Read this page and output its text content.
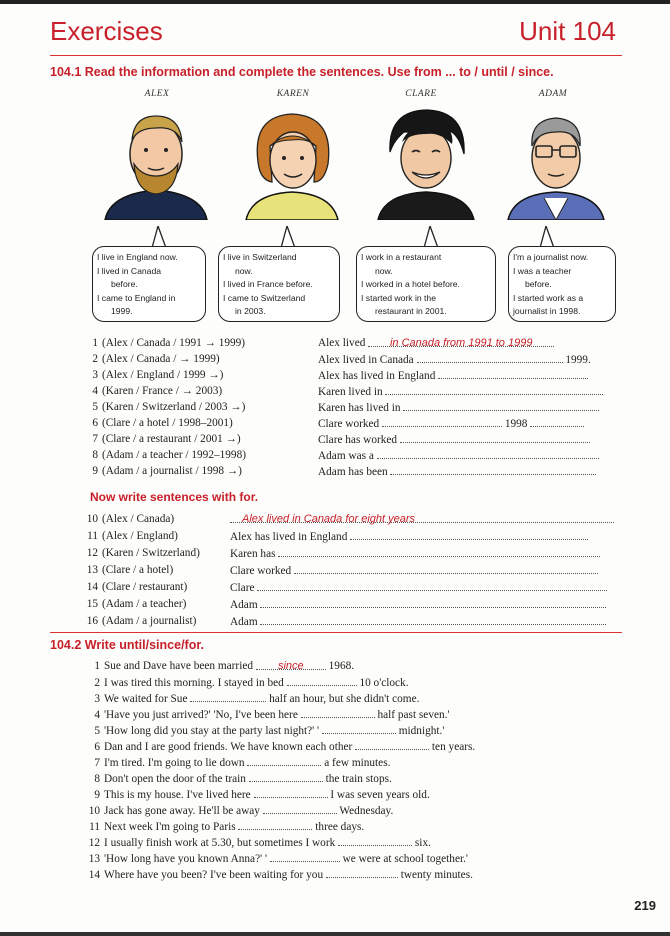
Exercises	Unit 104
104.1 Read the information and complete the sentences. Use from ... to / until / since.
ALEX	KAREN	CLARE	ADAM
I live in England now.
I lived in Canada
before.
I came to England in
1999.
I live in Switzerland
now.
I lived in France before.
I came to Switzerland
in 2003.
I work in a restaurant
now.
I worked in a hotel before.
I started work in the
restaurant in 2001.
I'm a journalist now.
I was a teacher
before.
I started work as a
journalist in 1998.
1 (Alex / Canada / 1991 → 1999)	Alex lived in Canada from 1991 to 1999
2 (Alex / Canada / → 1999)	Alex lived in Canada	1999.
3 (Alex / England / 1999 →)	Alex has lived in England
4 (Karen / France / → 2003)	Karen lived in
5 (Karen / Switzerland / 2003 →)	Karen has lived in
6 (Clare / a hotel / 1998–2001)	Clare worked	1998
7 (Clare / a restaurant / 2001 →)	Clare has worked
8 (Adam / a teacher / 1992–1998)	Adam was a
9 (Adam / a journalist / 1998 →)	Adam has been
Now write sentences with for.
10 (Alex / Canada)	Alex lived in Canada for eight years
11 (Alex / England)	Alex has lived in England
12 (Karen / Switzerland)	Karen has
13 (Clare / a hotel)	Clare worked
14 (Clare / restaurant)	Clare
15 (Adam / a teacher)	Adam
16 (Adam / a journalist)	Adam
104.2 Write until/since/for.
1 Sue and Dave have been married since 1968.
2 I was tired this morning. I stayed in bed	10 o'clock.
3 We waited for Sue	half an hour, but she didn't come.
4 'Have you just arrived?' 'No, I've been here	half past seven.'
5 'How long did you stay at the party last night?' '	midnight.'
6 Dan and I are good friends. We have known each other	ten years.
7 I'm tired. I'm going to lie down	a few minutes.
8 Don't open the door of the train	the train stops.
9 This is my house. I've lived here	I was seven years old.
10 Jack has gone away. He'll be away	Wednesday.
11 Next week I'm going to Paris	three days.
12 I usually finish work at 5.30, but sometimes I work	six.
13 'How long have you known Anna?' '	we were at school together.'
14 Where have you been? I've been waiting for you	twenty minutes.
219
